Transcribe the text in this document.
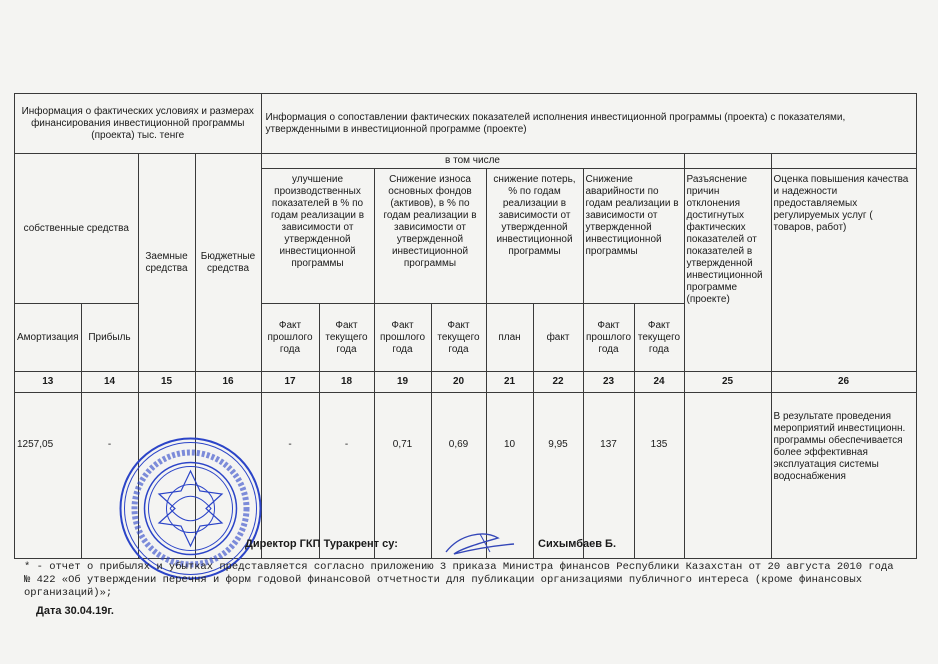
Информация о фактических условиях и размерах финансирования инвестиционной программы (проекта) тыс. тенге				Информация о сопоставлении фактических показателей исполнения инвестиционной программы (проекта) с показателями, утвержденными в инвестиционной программе (проекте)									
собственные средства		Заемные средства	Бюджетные средства	в том числе									
				улучшение производственных показателей в % по годам реализации в зависимости от утвержденной инвестиционной программы		Снижение износа основных фондов (активов), в % по годам реализации в зависимости от утвержденной инвестиционной программы		снижение потерь, % по годам реализации в зависимости от утвержденной инвестиционной программы		Снижение аварийности по годам реализации в зависимости от утвержденной инвестиционной программы		Разъяснение причин отклонения достигнутых фактических показателей от показателей в утвержденной инвестиционной программе (проекте)	Оценка повышения качества и надежности предоставляемых регулируемых услуг ( товаров, работ)
Амортизация	Прибыль			Факт прошлого года	Факт текущего года	Факт прошлого года	Факт текущего года	план	факт	Факт прошлого года	Факт текущего года		
13	14	15	16	17	18	19	20	21	22	23	24	25	26
1257,05	-			-	-	0,71	0,69	10	9,95	137	135		В результате проведения мероприятий инвестиционн. программы обеспечивается более эффективная эксплуатация системы водоснабжения
Директор ГКП Туракрент су:	Сихымбаев Б.
* - отчет о прибылях и убытках представляется согласно приложению 3 приказа Министра финансов Республики Казахстан от 20 августа 2010 года № 422 «Об утверждении перечня и форм годовой финансовой отчетности для публикации организациями публичного интереса (кроме финансовых организаций)»;
Дата 30.04.19г.
